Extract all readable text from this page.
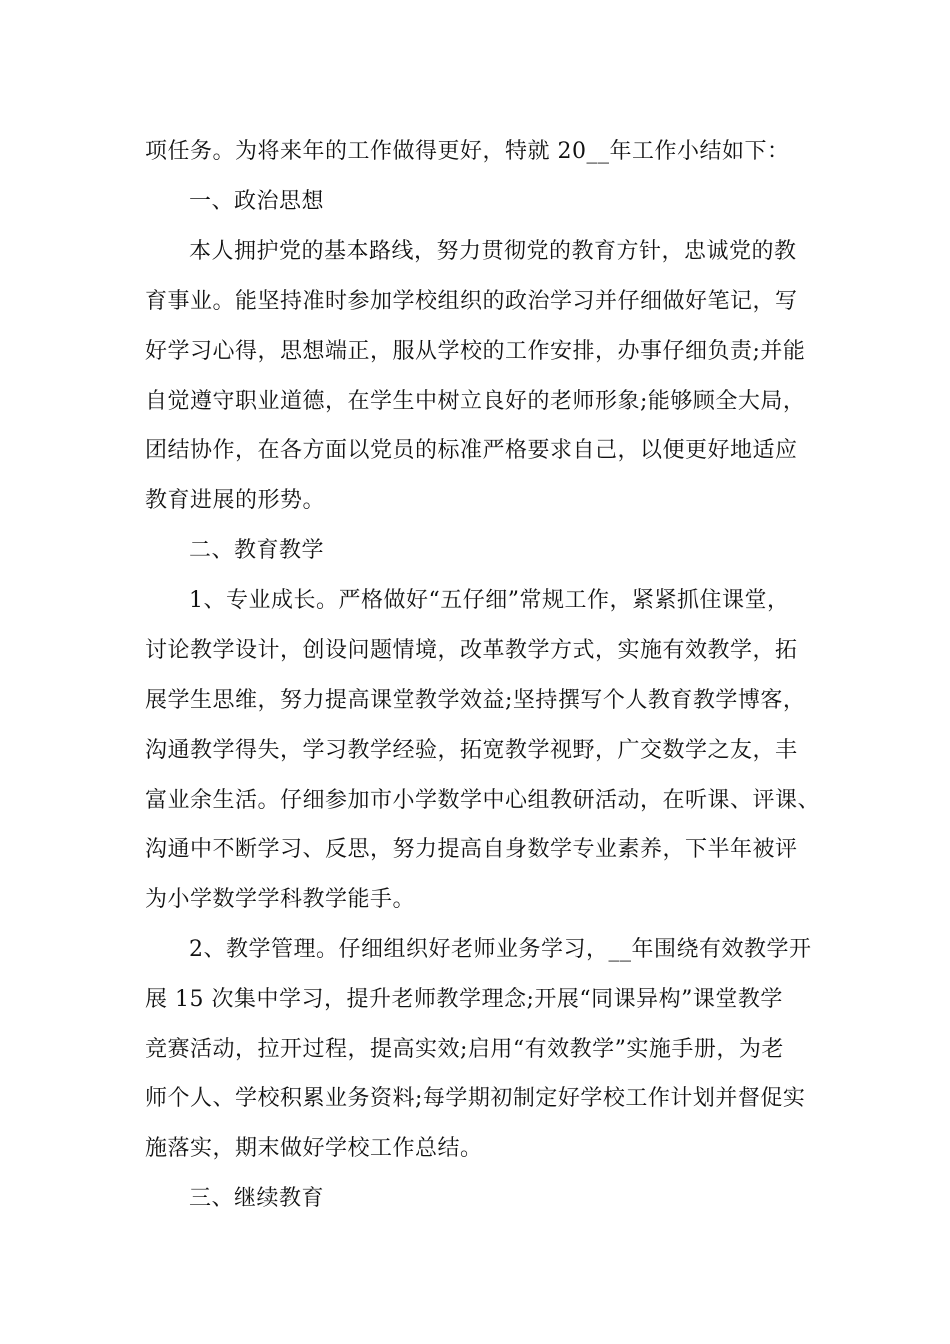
项任务。为将来年的工作做得更好，特就 20__年工作小结如下：
一、政治思想
本人拥护党的基本路线，努力贯彻党的教育方针，忠诚党的教
育事业。能坚持准时参加学校组织的政治学习并仔细做好笔记，写
好学习心得，思想端正，服从学校的工作安排，办事仔细负责;并能
自觉遵守职业道德，在学生中树立良好的老师形象;能够顾全大局，
团结协作，在各方面以党员的标准严格要求自己，以便更好地适应
教育进展的形势。
二、教育教学
1、专业成长。严格做好“五仔细”常规工作，紧紧抓住课堂，
讨论教学设计，创设问题情境，改革教学方式，实施有效教学，拓
展学生思维，努力提高课堂教学效益;坚持撰写个人教育教学博客，
沟通教学得失，学习教学经验，拓宽教学视野，广交数学之友，丰
富业余生活。仔细参加市小学数学中心组教研活动，在听课、评课、
沟通中不断学习、反思，努力提高自身数学专业素养，下半年被评
为小学数学学科教学能手。
2、教学管理。仔细组织好老师业务学习，__年围绕有效教学开
展 15 次集中学习，提升老师教学理念;开展“同课异构”课堂教学
竞赛活动，拉开过程，提高实效;启用“有效教学”实施手册，为老
师个人、学校积累业务资料;每学期初制定好学校工作计划并督促实
施落实，期末做好学校工作总结。
三、继续教育
